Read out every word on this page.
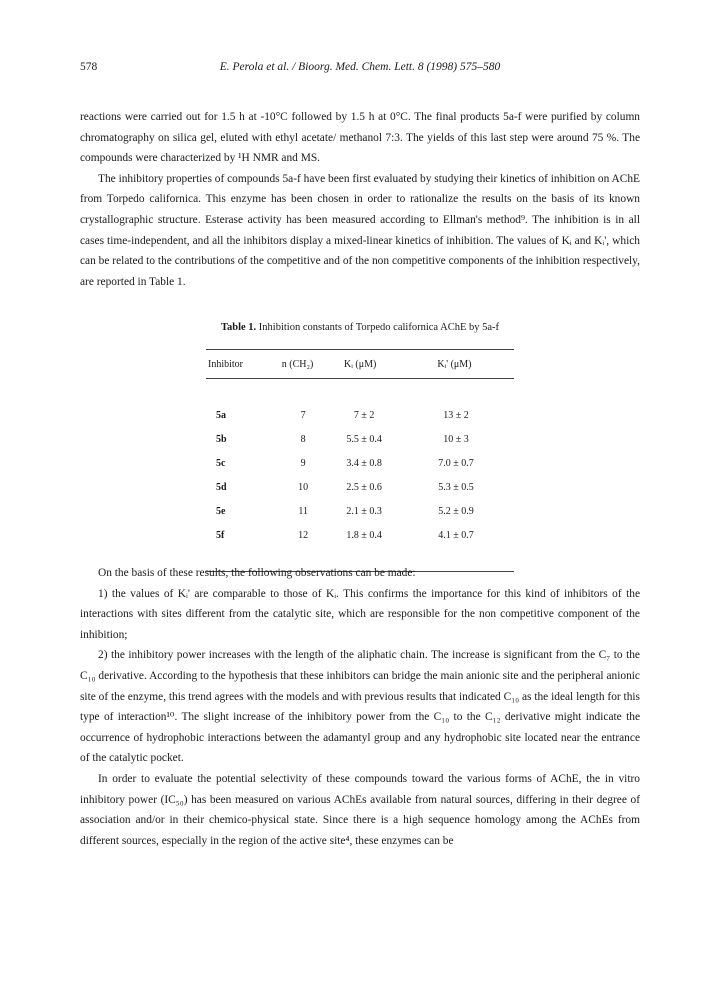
578	E. Perola et al. / Bioorg. Med. Chem. Lett. 8 (1998) 575–580

reactions were carried out for 1.5 h at -10°C followed by 1.5 h at 0°C. The final products 5a-f were purified by column chromatography on silica gel, eluted with ethyl acetate/ methanol 7:3. The yields of this last step were around 75 %. The compounds were characterized by ¹H NMR and MS.

The inhibitory properties of compounds 5a-f have been first evaluated by studying their kinetics of inhibition on AChE from Torpedo californica. This enzyme has been chosen in order to rationalize the results on the basis of its known crystallographic structure. Esterase activity has been measured according to Ellman's method⁹. The inhibition is in all cases time-independent, and all the inhibitors display a mixed-linear kinetics of inhibition. The values of Kᵢ and Kᵢ', which can be related to the contributions of the competitive and of the non competitive components of the inhibition respectively, are reported in Table 1.

Table 1. Inhibition constants of Torpedo californica AChE by 5a-f
Inhibitor	n (CH₂)	Kᵢ (μM)	Kᵢ' (μM)

5a	7	7 ± 2	13 ± 2
5b	8	5.5 ± 0.4	10 ± 3
5c	9	3.4 ± 0.8	7.0 ± 0.7
5d	10	2.5 ± 0.6	5.3 ± 0.5
5e	11	2.1 ± 0.3	5.2 ± 0.9
5f	12	1.8 ± 0.4	4.1 ± 0.7

On the basis of these results, the following observations can be made:

1) the values of Kᵢ' are comparable to those of Kᵢ. This confirms the importance for this kind of inhibitors of the interactions with sites different from the catalytic site, which are responsible for the non competitive component of the inhibition;

2) the inhibitory power increases with the length of the aliphatic chain. The increase is significant from the C₇ to the C₁₀ derivative. According to the hypothesis that these inhibitors can bridge the main anionic site and the peripheral anionic site of the enzyme, this trend agrees with the models and with previous results that indicated C₁₀ as the ideal length for this type of interaction¹⁰. The slight increase of the inhibitory power from the C₁₀ to the C₁₂ derivative might indicate the occurrence of hydrophobic interactions between the adamantyl group and any hydrophobic site located near the entrance of the catalytic pocket.

In order to evaluate the potential selectivity of these compounds toward the various forms of AChE, the in vitro inhibitory power (IC₅₀) has been measured on various AChEs available from natural sources, differing in their degree of association and/or in their chemico-physical state. Since there is a high sequence homology among the AChEs from different sources, especially in the region of the active site⁴, these enzymes can be
